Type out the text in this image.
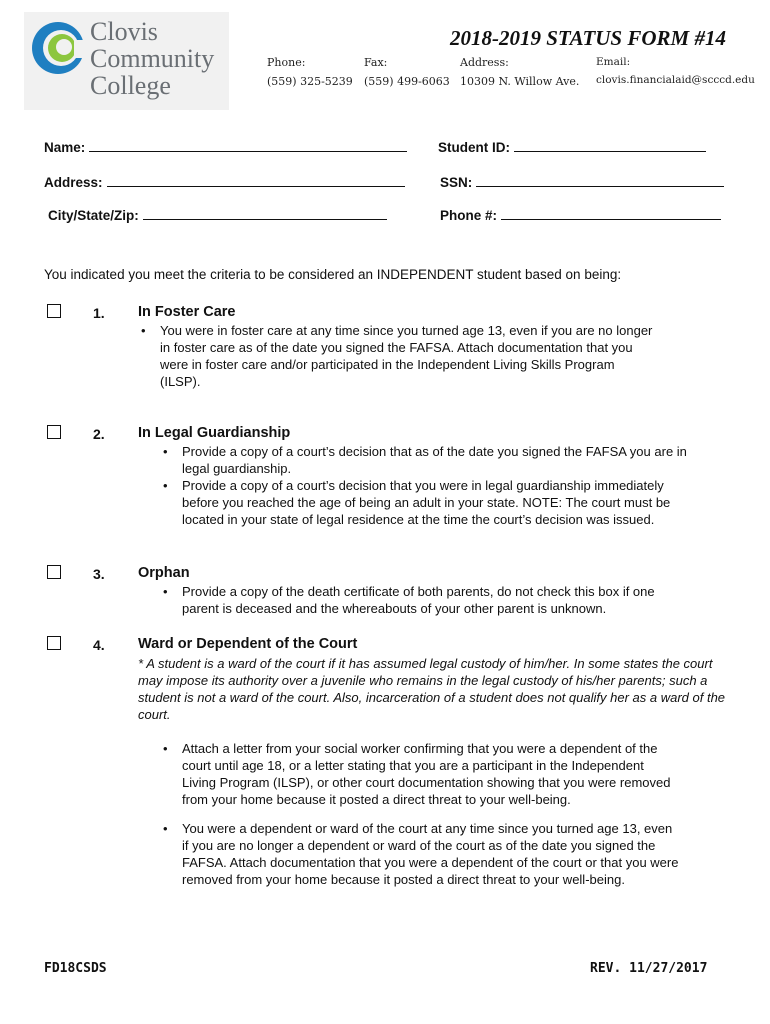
Clovis
Community
College
2018-2019 STATUS FORM #14
Phone:
(559) 325-5239
Fax:
(559) 499-6063
Address:
10309 N. Willow Ave.
Email:
clovis.financialaid@scccd.edu
Name:	Student ID:
Address:	SSN:
City/State/Zip:	Phone #:
You indicated you meet the criteria to be considered an INDEPENDENT student based on being:
1. In Foster Care
• You were in foster care at any time since you turned age 13, even if you are no longer in foster care as of the date you signed the FAFSA. Attach documentation that you were in foster care and/or participated in the Independent Living Skills Program (ILSP).
2. In Legal Guardianship
• Provide a copy of a court’s decision that as of the date you signed the FAFSA you are in legal guardianship.
• Provide a copy of a court’s decision that you were in legal guardianship immediately before you reached the age of being an adult in your state. NOTE: The court must be located in your state of legal residence at the time the court’s decision was issued.
3. Orphan
• Provide a copy of the death certificate of both parents, do not check this box if one parent is deceased and the whereabouts of your other parent is unknown.
4. Ward or Dependent of the Court
* A student is a ward of the court if it has assumed legal custody of him/her. In some states the court may impose its authority over a juvenile who remains in the legal custody of his/her parents; such a student is not a ward of the court. Also, incarceration of a student does not qualify her as a ward of the court.
• Attach a letter from your social worker confirming that you were a dependent of the court until age 18, or a letter stating that you are a participant in the Independent Living Program (ILSP), or other court documentation showing that you were removed from your home because it posted a direct threat to your well-being.
• You were a dependent or ward of the court at any time since you turned age 13, even if you are no longer a dependent or ward of the court as of the date you signed the FAFSA. Attach documentation that you were a dependent of the court or that you were removed from your home because it posted a direct threat to your well-being.
FD18CSDS	REV. 11/27/2017
